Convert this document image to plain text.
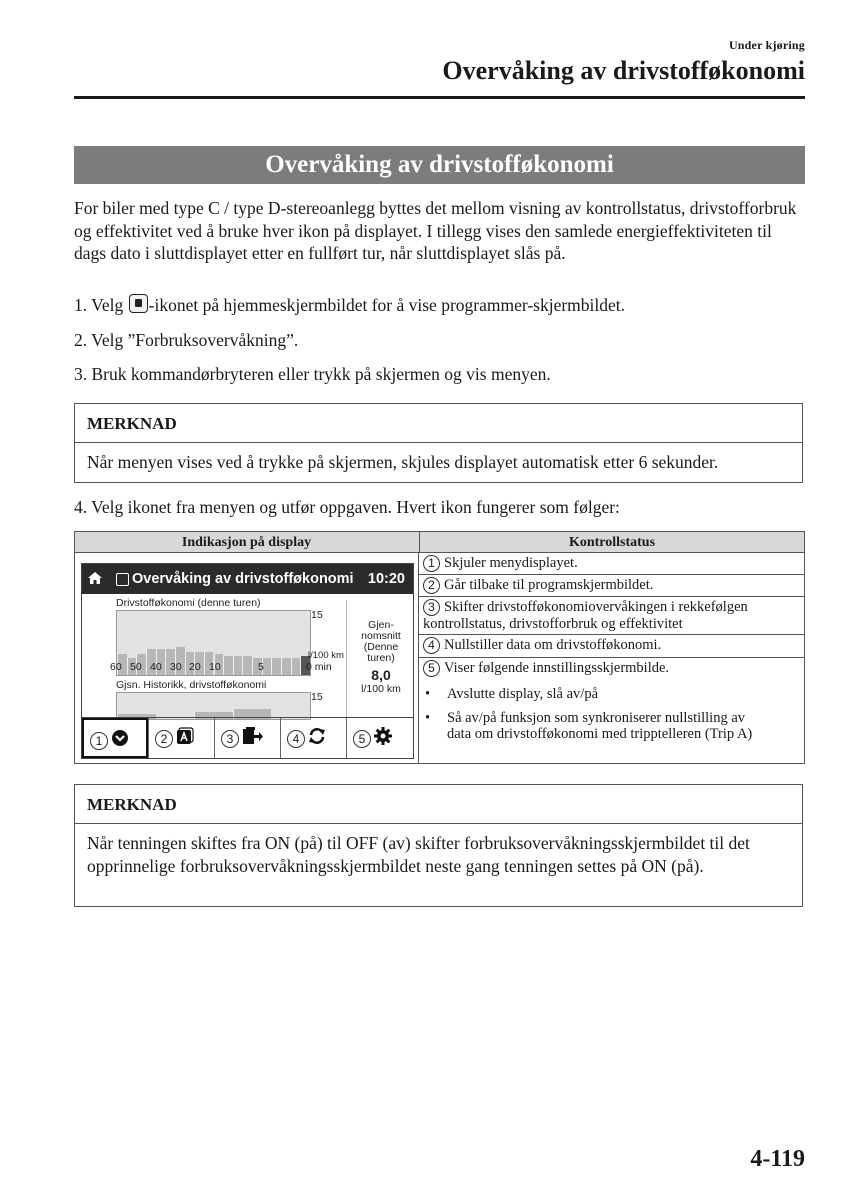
Under kjøring
Overvåking av drivstofføkonomi
Overvåking av drivstofføkonomi
For biler med type C / type D-stereoanlegg byttes det mellom visning av kontrollstatus, drivstofforbruk og effektivitet ved å bruke hver ikon på displayet. I tillegg vises den samlede energieffektiviteten til dags dato i sluttdisplayet etter en fullført tur, når sluttdisplayet slås på.
1. Velg -ikonet på hjemmeskjermbildet for å vise programmer-skjermbildet.
2. Velg ”Forbruksovervåkning”.
3. Bruk kommandørbryteren eller trykk på skjermen og vis menyen.
MERKNAD
Når menyen vises ved å trykke på skjermen, skjules displayet automatisk etter 6 sekunder.
4. Velg ikonet fra menyen og utfør oppgaven. Hvert ikon fungerer som følger:
Indikasjon på display	Kontrollstatus
Overvåking av drivstofføkonomi 10:20
Drivstofføkonomi (denne turen)
15
l/100 km
60 50 40 30 20 10	5	0 min
Gjsn. Historikk, drivstofføkonomi
15
Gjen-
nomsnitt
(Denne
turen)
8,0
l/100 km
1	2	3	4	5
1 Skjuler menydisplayet.
2 Går tilbake til programskjermbildet.
3 Skifter drivstofføkonomiovervåkingen i rekkefølgen
kontrollstatus, drivstofforbruk og effektivitet
4 Nullstiller data om drivstofføkonomi.
5 Viser følgende innstillingsskjermbilde.
• Avslutte display, slå av/på
• Så av/på funksjon som synkroniserer nullstilling av
data om drivstofføkonomi med tripptelleren (Trip A)
MERKNAD
Når tenningen skiftes fra ON (på) til OFF (av) skifter forbruksovervåkningsskjermbildet til det opprinnelige forbruksovervåkningsskjermbildet neste gang tenningen settes på ON (på).
4-119
